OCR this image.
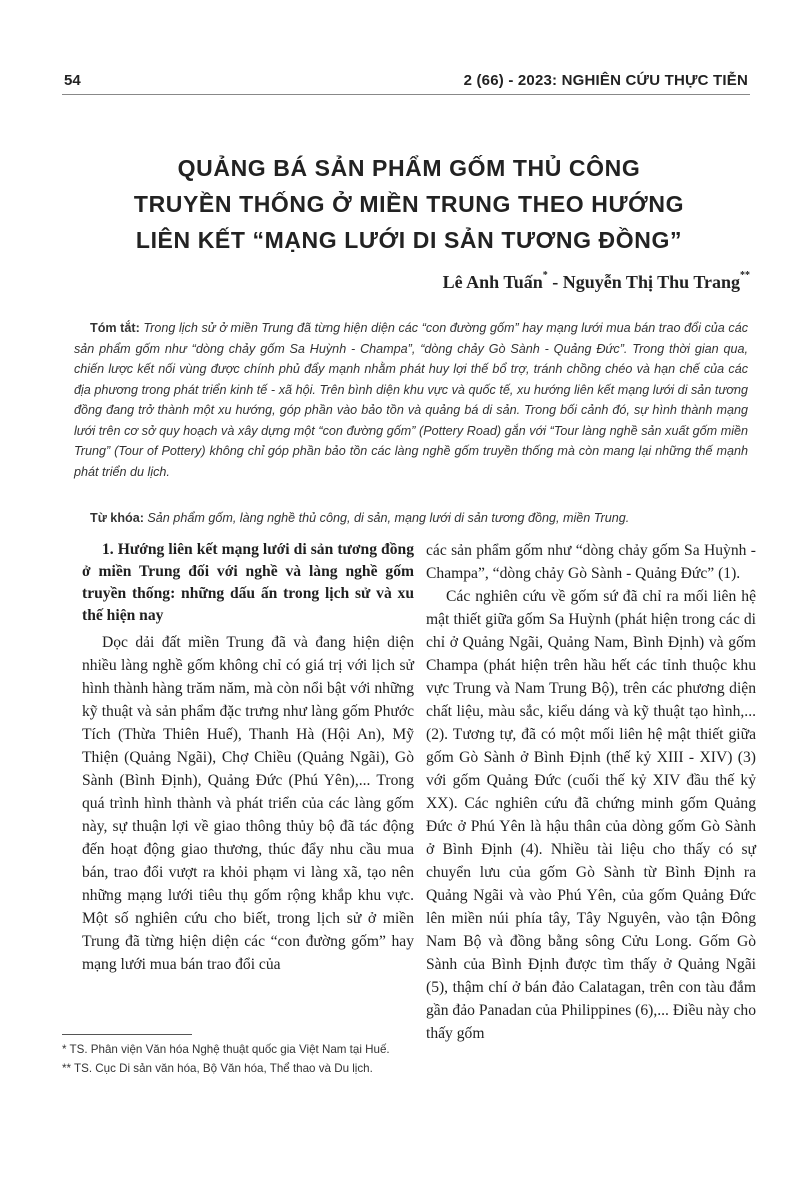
54	2 (66) - 2023: NGHIÊN CỨU THỰC TIỄN
QUẢNG BÁ SẢN PHẨM GỐM THỦ CÔNG
TRUYỀN THỐNG Ở MIỀN TRUNG THEO HƯỚNG
LIÊN KẾT “MẠNG LƯỚI DI SẢN TƯƠNG ĐỒNG”
Lê Anh Tuấn* - Nguyễn Thị Thu Trang**
Tóm tắt: Trong lịch sử ở miền Trung đã từng hiện diện các “con đường gốm” hay mạng lưới mua bán trao đổi của các sản phẩm gốm như “dòng chảy gốm Sa Huỳnh - Champa”, “dòng chảy Gò Sành - Quảng Đức”. Trong thời gian qua, chiến lược kết nối vùng được chính phủ đẩy mạnh nhằm phát huy lợi thế bổ trợ, tránh chồng chéo và hạn chế của các địa phương trong phát triển kinh tế - xã hội. Trên bình diện khu vực và quốc tế, xu hướng liên kết mạng lưới di sản tương đồng đang trở thành một xu hướng, góp phần vào bảo tồn và quảng bá di sản. Trong bối cảnh đó, sự hình thành mạng lưới trên cơ sở quy hoạch và xây dựng một “con đường gốm” (Pottery Road) gắn với “Tour làng nghề sản xuất gốm miền Trung” (Tour of Pottery) không chỉ góp phần bảo tồn các làng nghề gốm truyền thống mà còn mang lại những thế mạnh phát triển du lịch.
Từ khóa: Sản phẩm gốm, làng nghề thủ công, di sản, mạng lưới di sản tương đồng, miền Trung.
1. Hướng liên kết mạng lưới di sản tương đồng ở miền Trung đối với nghề và làng nghề gốm truyền thống: những dấu ấn trong lịch sử và xu thế hiện nay
Dọc dải đất miền Trung đã và đang hiện diện nhiều làng nghề gốm không chỉ có giá trị với lịch sử hình thành hàng trăm năm, mà còn nổi bật với những kỹ thuật và sản phẩm đặc trưng như làng gốm Phước Tích (Thừa Thiên Huế), Thanh Hà (Hội An), Mỹ Thiện (Quảng Ngãi), Chợ Chiều (Quảng Ngãi), Gò Sành (Bình Định), Quảng Đức (Phú Yên),... Trong quá trình hình thành và phát triển của các làng gốm này, sự thuận lợi về giao thông thủy bộ đã tác động đến hoạt động giao thương, thúc đẩy nhu cầu mua bán, trao đổi vượt ra khỏi phạm vi làng xã, tạo nên những mạng lưới tiêu thụ gốm rộng khắp khu vực. Một số nghiên cứu cho biết, trong lịch sử ở miền Trung đã từng hiện diện các “con đường gốm” hay mạng lưới mua bán trao đổi của
các sản phẩm gốm như “dòng chảy gốm Sa Huỳnh - Champa”, “dòng chảy Gò Sành - Quảng Đức” (1).
Các nghiên cứu về gốm sứ đã chỉ ra mối liên hệ mật thiết giữa gốm Sa Huỳnh (phát hiện trong các di chỉ ở Quảng Ngãi, Quảng Nam, Bình Định) và gốm Champa (phát hiện trên hầu hết các tỉnh thuộc khu vực Trung và Nam Trung Bộ), trên các phương diện chất liệu, màu sắc, kiểu dáng và kỹ thuật tạo hình,... (2). Tương tự, đã có một mối liên hệ mật thiết giữa gốm Gò Sành ở Bình Định (thế kỷ XIII - XIV) (3) với gốm Quảng Đức (cuối thế kỷ XIV đầu thế kỷ XX). Các nghiên cứu đã chứng minh gốm Quảng Đức ở Phú Yên là hậu thân của dòng gốm Gò Sành ở Bình Định (4). Nhiều tài liệu cho thấy có sự chuyển lưu của gốm Gò Sành từ Bình Định ra Quảng Ngãi và vào Phú Yên, của gốm Quảng Đức lên miền núi phía tây, Tây Nguyên, vào tận Đông Nam Bộ và đồng bằng sông Cửu Long. Gốm Gò Sành của Bình Định được tìm thấy ở Quảng Ngãi (5), thậm chí ở bán đảo Calatagan, trên con tàu đắm gần đảo Panadan của Philippines (6),... Điều này cho thấy gốm
* TS. Phân viện Văn hóa Nghệ thuật quốc gia Việt Nam tại Huế.
** TS. Cục Di sản văn hóa, Bộ Văn hóa, Thể thao và Du lịch.
